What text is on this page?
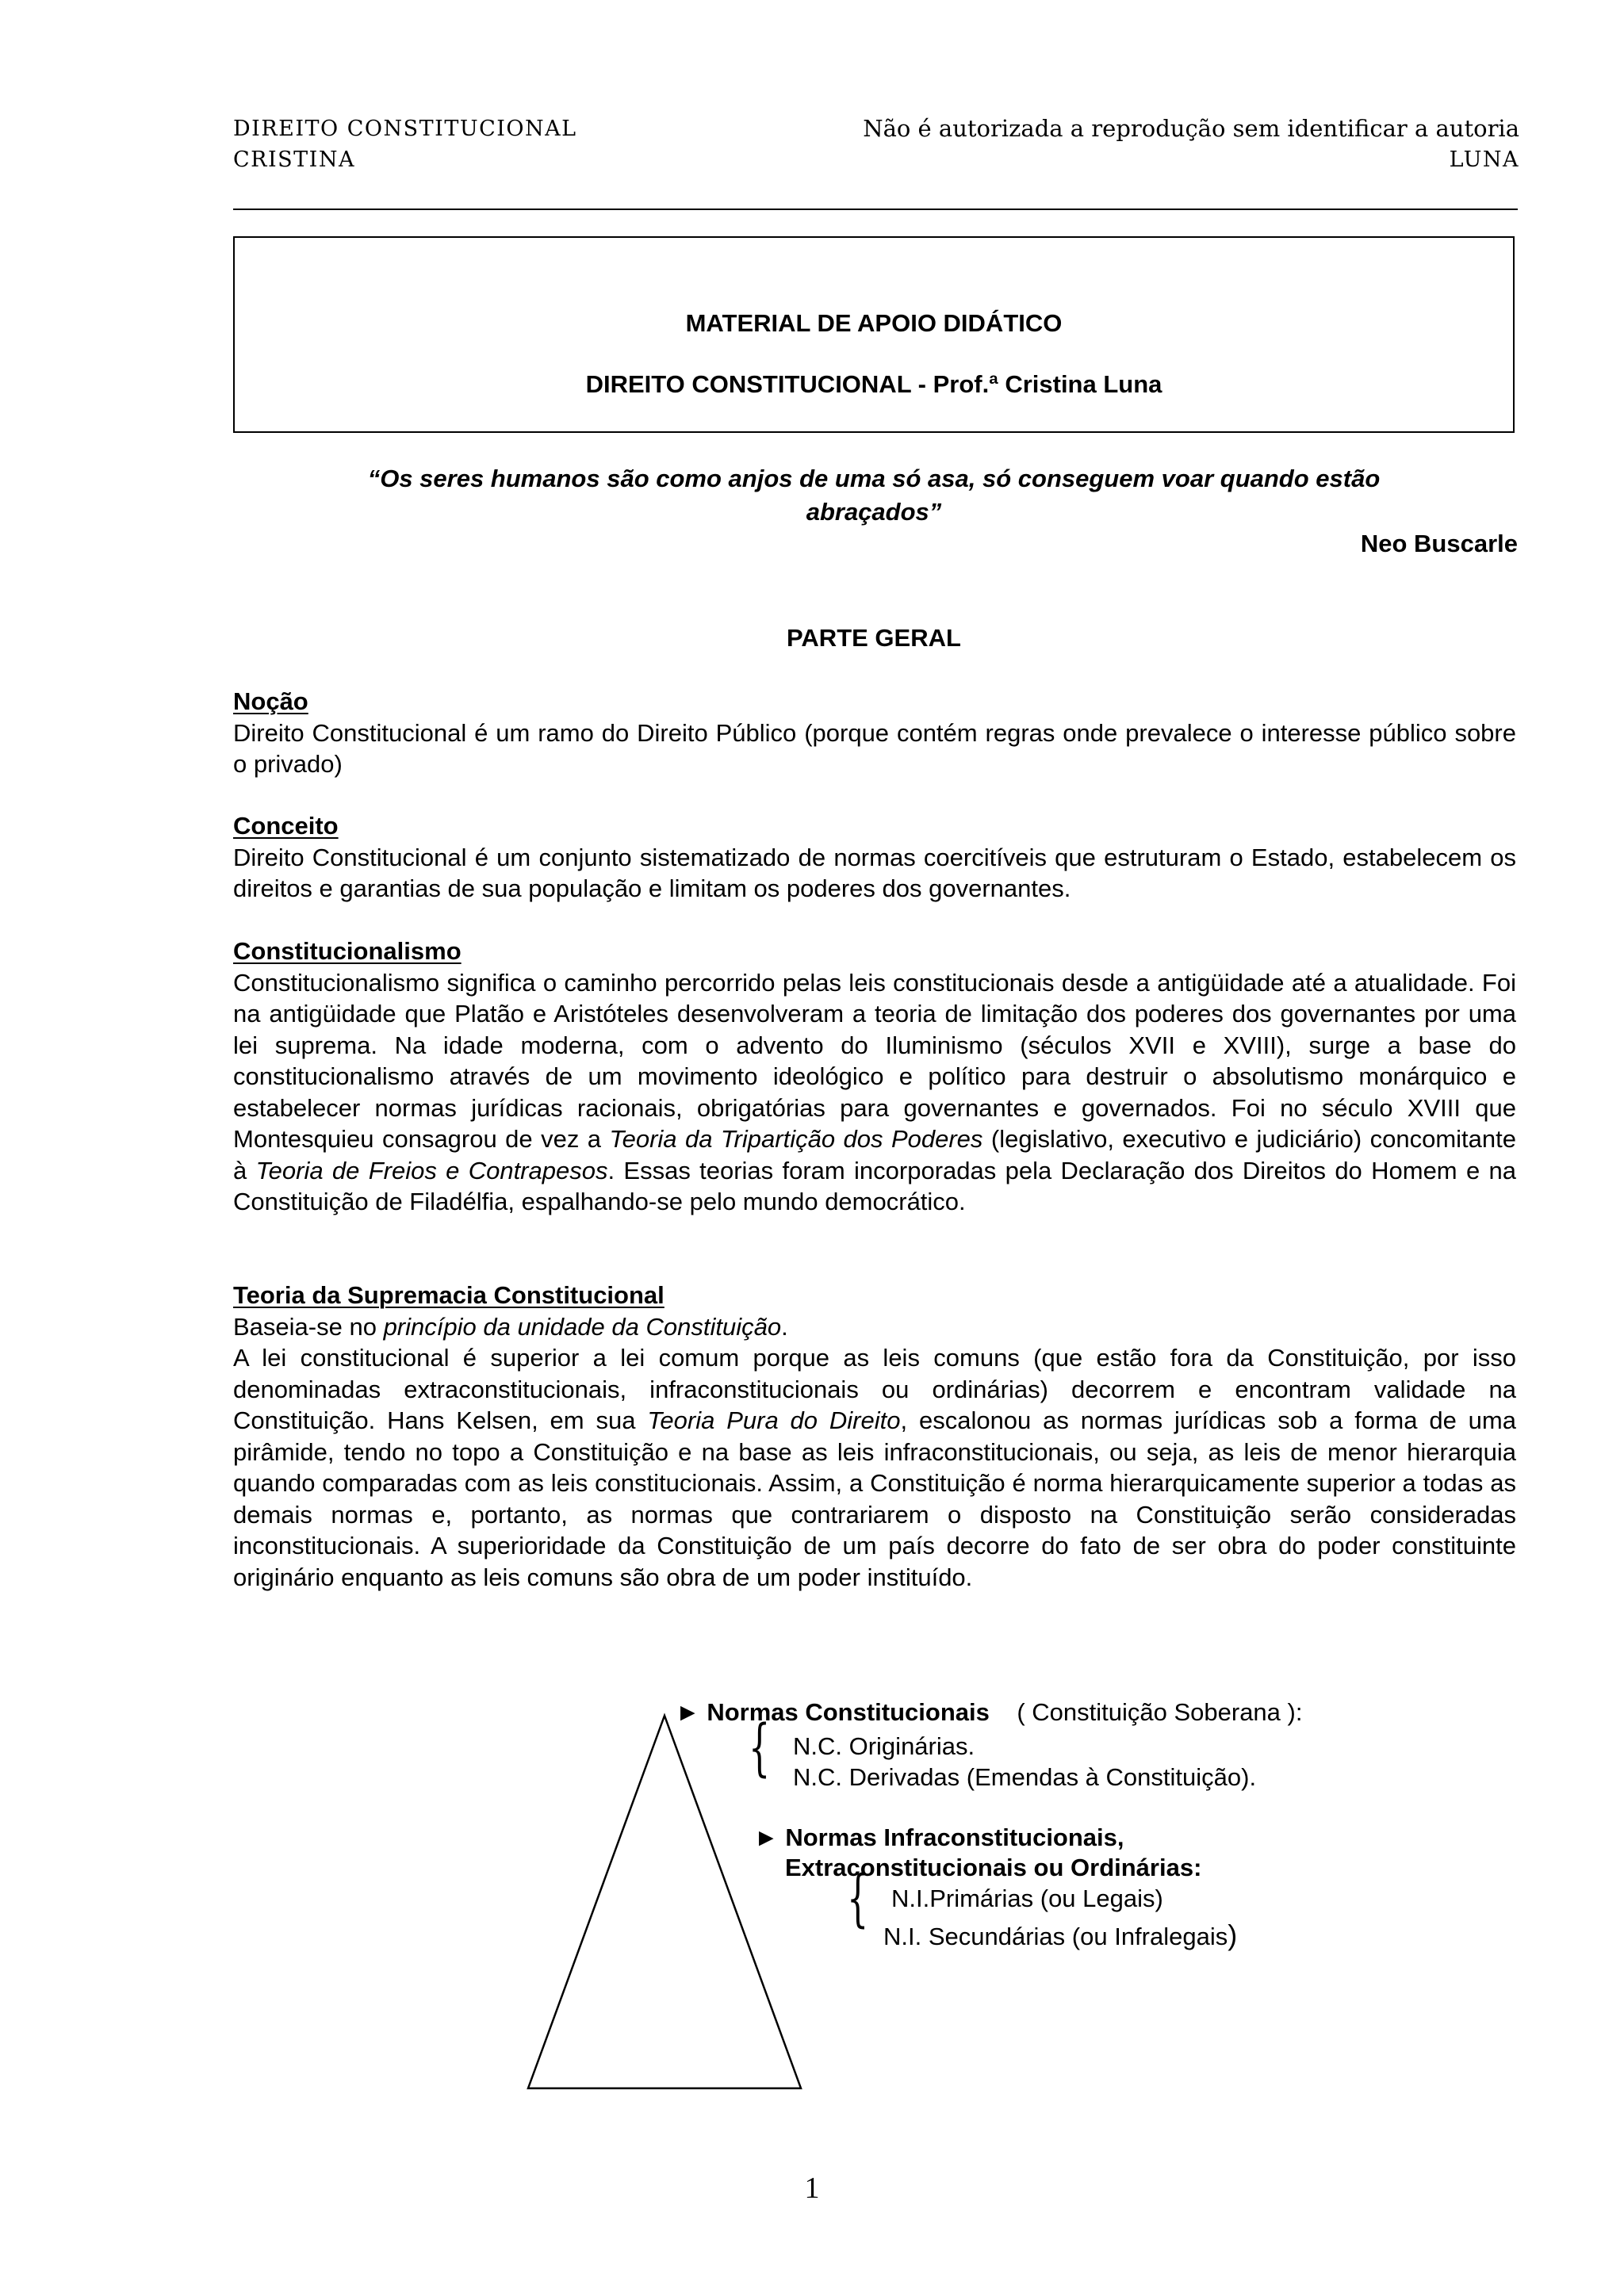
DIREITO CONSTITUCIONAL
CRISTINA
Não é autorizada a reprodução sem identificar a autoria
LUNA
MATERIAL DE APOIO DIDÁTICO
DIREITO CONSTITUCIONAL - Prof.ª Cristina Luna
“Os seres humanos são como anjos de uma só asa, só conseguem voar quando estão
abraçados”
Neo Buscarle
PARTE GERAL
Noção

Direito Constitucional é um ramo do Direito Público (porque contém regras onde prevalece o interesse público sobre o privado)

Conceito

Direito Constitucional é um conjunto sistematizado de normas coercitíveis que estruturam o Estado, estabelecem os direitos e garantias de sua população e limitam os poderes dos governantes.

Constitucionalismo

Constitucionalismo significa o caminho percorrido pelas leis constitucionais desde a antigüidade até a atualidade. Foi na antigüidade que Platão e Aristóteles desenvolveram a teoria de limitação dos poderes dos governantes por uma lei suprema. Na idade moderna, com o advento do Iluminismo (séculos XVII e XVIII), surge a base do constitucionalismo através de um movimento ideológico e político para destruir o absolutismo monárquico e estabelecer normas jurídicas racionais, obrigatórias para governantes e governados. Foi no século XVIII que Montesquieu consagrou de vez a Teoria da Tripartição dos Poderes (legislativo, executivo e judiciário) concomitante à Teoria de Freios e Contrapesos. Essas teorias foram incorporadas pela Declaração dos Direitos do Homem e na Constituição de Filadélfia, espalhando-se pelo mundo democrático.

Teoria da Supremacia Constitucional

Baseia-se no princípio da unidade da Constituição.

A lei constitucional é superior a lei comum porque as leis comuns (que estão fora da Constituição, por isso denominadas extraconstitucionais, infraconstitucionais ou ordinárias) decorrem e encontram validade na Constituição. Hans Kelsen, em sua Teoria Pura do Direito, escalonou as normas jurídicas sob a forma de uma pirâmide, tendo no topo a Constituição e na base as leis infraconstitucionais, ou seja, as leis de menor hierarquia quando comparadas com as leis constitucionais. Assim, a Constituição é norma hierarquicamente superior a todas as demais normas e, portanto, as normas que contrariarem o disposto na Constituição serão consideradas inconstitucionais. A superioridade da Constituição de um país decorre do fato de ser obra do poder constituinte originário enquanto as leis comuns são obra de um poder instituído.

► Normas Constitucionais ( Constituição Soberana ):
{ N.C. Originárias.
N.C. Derivadas (Emendas à Constituição).
► Normas Infraconstitucionais,
Extraconstitucionais ou Ordinárias:
{ N.I.Primárias (ou Legais)
N.I. Secundárias (ou Infralegais)
1
